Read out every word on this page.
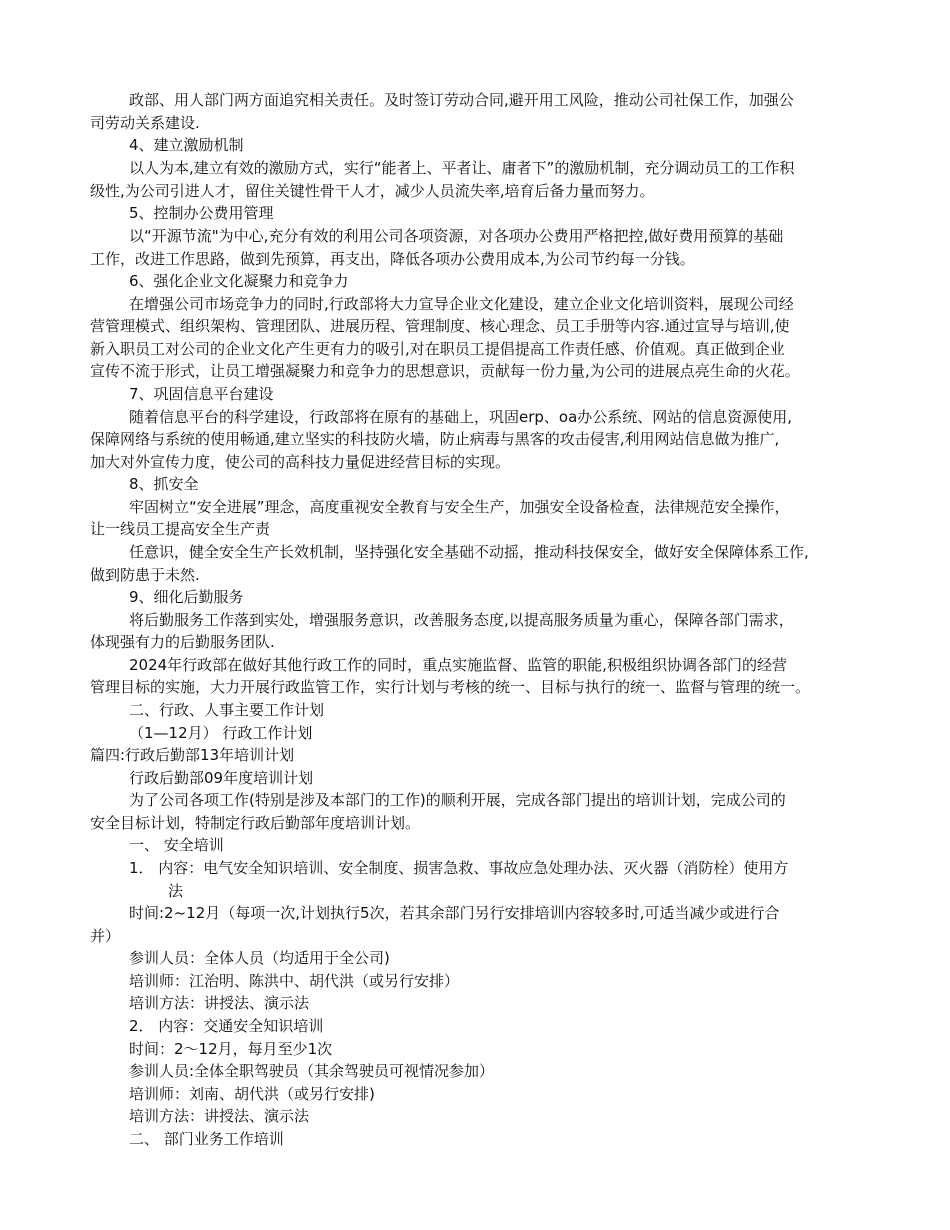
政部、用人部门两方面追究相关责任。及时签订劳动合同,避开用工风险，推动公司社保工作，加强公
司劳动关系建设.
4、建立激励机制
以人为本,建立有效的激励方式，实行“能者上、平者让、庸者下”的激励机制，充分调动员工的工作积
级性,为公司引进人才，留住关键性骨干人才，减少人员流失率,培育后备力量而努力。
5、控制办公费用管理
以“开源节流"为中心,充分有效的利用公司各项资源，对各项办公费用严格把控,做好费用预算的基础
工作，改进工作思路，做到先预算，再支出，降低各项办公费用成本,为公司节约每一分钱。
6、强化企业文化凝聚力和竞争力
在增强公司市场竞争力的同时,行政部将大力宣导企业文化建设，建立企业文化培训资料，展现公司经
营管理模式、组织架构、管理团队、进展历程、管理制度、核心理念、员工手册等内容.通过宣导与培训,使
新入职员工对公司的企业文化产生更有力的吸引,对在职员工提倡提高工作责任感、价值观。真正做到企业
宣传不流于形式，让员工增强凝聚力和竞争力的思想意识，贡献每一份力量,为公司的进展点亮生命的火花。
7、巩固信息平台建设
随着信息平台的科学建设，行政部将在原有的基础上，巩固erp、oa办公系统、网站的信息资源使用,
保障网络与系统的使用畅通,建立坚实的科技防火墙，防止病毒与黑客的攻击侵害,利用网站信息做为推广,
加大对外宣传力度，使公司的高科技力量促进经营目标的实现。
8、抓安全
牢固树立“安全进展”理念，高度重视安全教育与安全生产，加强安全设备检查，法律规范安全操作，
让一线员工提高安全生产责
任意识，健全安全生产长效机制，坚持强化安全基础不动摇，推动科技保安全，做好安全保障体系工作,
做到防患于未然.
9、细化后勤服务
将后勤服务工作落到实处，增强服务意识，改善服务态度,以提高服务质量为重心，保障各部门需求，
体现强有力的后勤服务团队.
2024年行政部在做好其他行政工作的同时，重点实施监督、监管的职能,积极组织协调各部门的经营
管理目标的实施，大力开展行政监管工作，实行计划与考核的统一、目标与执行的统一、监督与管理的统一。
二、行政、人事主要工作计划
（1—12月） 行政工作计划
篇四:行政后勤部13年培训计划
行政后勤部09年度培训计划
为了公司各项工作(特别是涉及本部门的工作)的顺利开展，完成各部门提出的培训计划，完成公司的
安全目标计划，特制定行政后勤部年度培训计划。
一、 安全培训
1． 内容：电气安全知识培训、安全制度、损害急救、事故应急处理办法、灭火器（消防栓）使用方
法
时间:2~12月（每项一次,计划执行5次，若其余部门另行安排培训内容较多时,可适当减少或进行合
并）
参训人员：全体人员（均适用于全公司)
培训师：江治明、陈洪中、胡代洪（或另行安排）
培训方法：讲授法、演示法
2． 内容：交通安全知识培训
时间：2～12月，每月至少1次
参训人员:全体全职驾驶员（其余驾驶员可视情况参加）
培训师：刘南、胡代洪（或另行安排)
培训方法：讲授法、演示法
二、 部门业务工作培训
